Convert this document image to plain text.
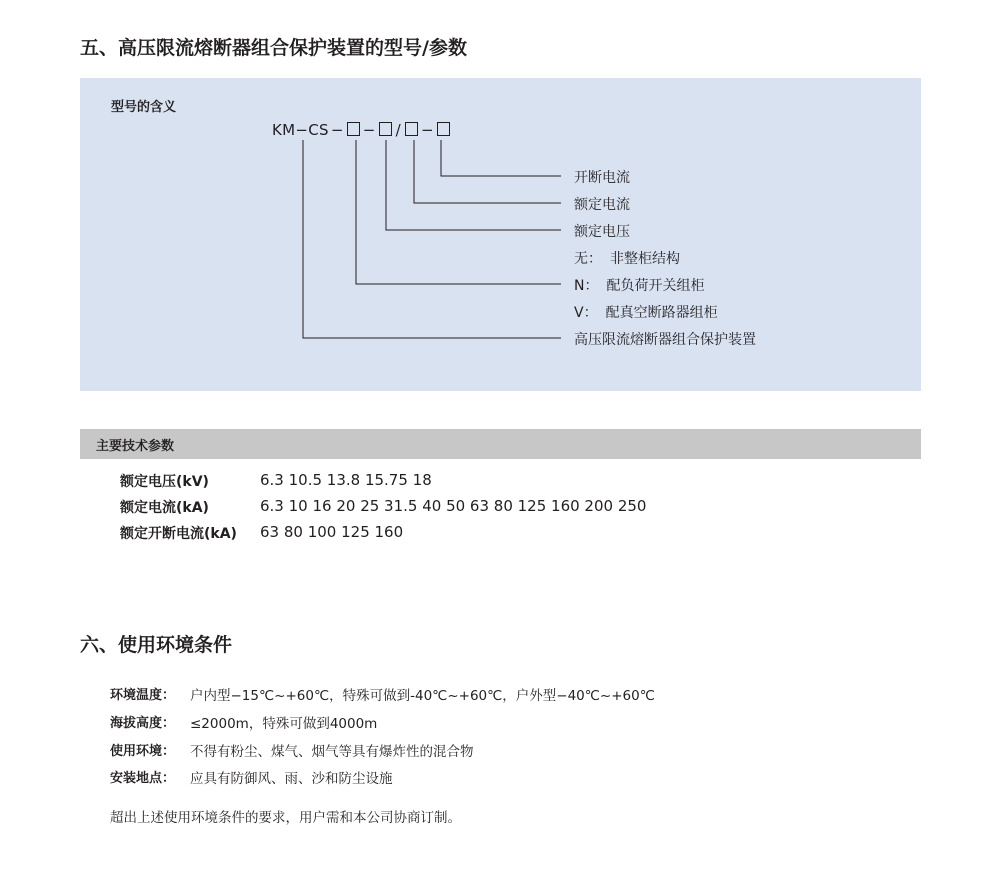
五、高压限流熔断器组合保护装置的型号/参数
型号的含义
KM−CS − − / −
开断电流
额定电流
额定电压
无： 非整柜结构
N： 配负荷开关组柜
V： 配真空断路器组柜
高压限流熔断器组合保护装置
主要技术参数
额定电压(kV)	6.3 10.5 13.8 15.75 18
额定电流(kA)	6.3 10 16 20 25 31.5 40 50 63 80 125 160 200 250
额定开断电流(kA) 63 80 100 125 160
六、使用环境条件
环境温度： 户内型−15℃~+60℃，特殊可做到-40℃~+60℃，户外型−40℃~+60℃
海拔高度： ≤2000m，特殊可做到4000m
使用环境： 不得有粉尘、煤气、烟气等具有爆炸性的混合物
安装地点： 应具有防御风、雨、沙和防尘设施
超出上述使用环境条件的要求，用户需和本公司协商订制。
